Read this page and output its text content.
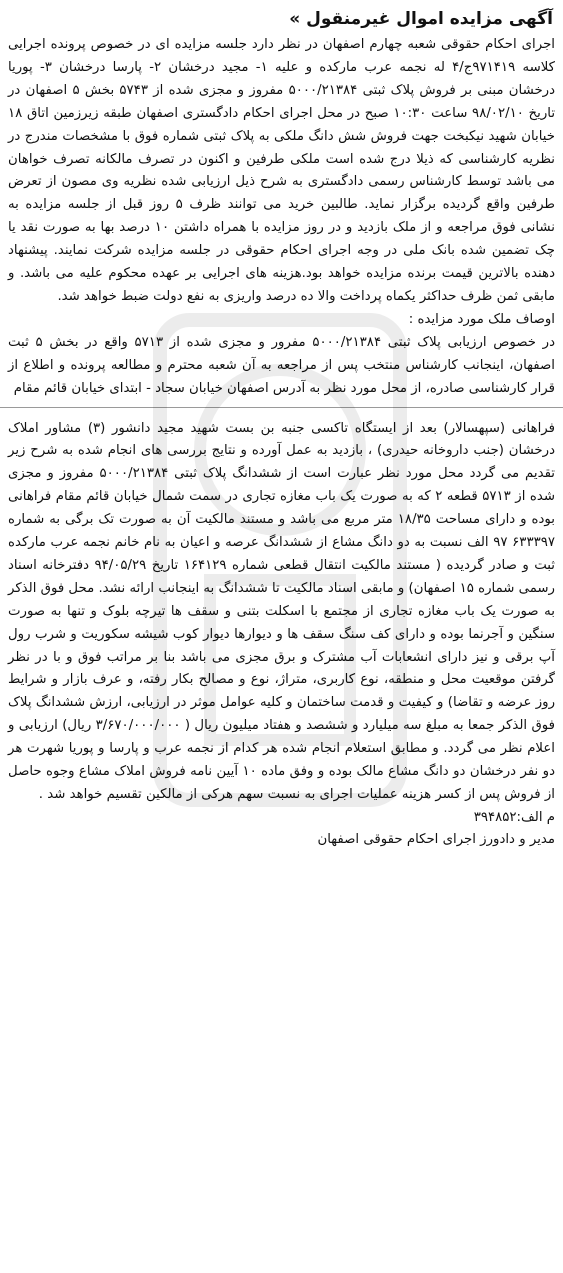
آگهی مزایده اموال غیرمنقول »

اجرای احکام حقوقی شعبه چهارم اصفهان در نظر دارد جلسه مزایده ای در خصوص پرونده اجرایی کلاسه ۹۷۱۴۱۹ج/۴ له نجمه عرب مارکده و علیه ۱- مجید درخشان ۲- پارسا درخشان ۳- پوریا درخشان مبنی بر فروش پلاک ثبتی ۵۰۰۰/۲۱۳۸۴ مفروز و مجزی شده از ۵۷۴۳ بخش ۵ اصفهان در تاریخ ۹۸/۰۲/۱۰ ساعت ۱۰:۳۰ صبح در محل اجرای احکام دادگستری اصفهان طبقه زیرزمین اتاق ۱۸ خیابان شهید نیکبخت جهت فروش شش دانگ ملکی به پلاک ثبتی شماره فوق با مشخصات مندرج در نظریه کارشناسی که ذیلا درج شده است ملکی طرفین و اکنون در تصرف مالکانه تصرف خواهان می باشد توسط کارشناس رسمی دادگستری به شرح ذیل ارزیابی شده نظریه وی مصون از تعرض طرفین واقع گردیده برگزار نماید. طالبین خرید می توانند ظرف ۵ روز قبل از جلسه مزایده به نشانی فوق مراجعه و از ملک بازدید و در روز مزایده با همراه داشتن ۱۰ درصد بها به صورت نقد یا چک تضمین شده بانک ملی در وجه اجرای احکام حقوقی در جلسه مزایده شرکت نمایند. پیشنهاد دهنده بالاترین قیمت برنده مزایده خواهد بود.هزینه های اجرایی بر عهده محکوم علیه می باشد. و مابقی ثمن ظرف حداکثر یکماه پرداخت والا ده درصد واریزی به نفع دولت ضبط خواهد شد.

اوصاف ملک مورد مزایده :

در خصوص ارزیابی پلاک ثبتی ۵۰۰۰/۲۱۳۸۴ مفرور و مجزی شده از ۵۷۱۳ واقع در بخش ۵ ثبت اصفهان، اینجانب کارشناس منتخب پس از مراجعه به آن شعبه محترم و مطالعه پرونده و اطلاع از قرار کارشناسی صادره، از محل مورد نظر به آدرس اصفهان خیابان سجاد - ابتدای خیابان قائم مقام

فراهانی (سپهسالار) بعد از ایستگاه تاکسی جنبه بن بست شهید مجید دانشور (۳) مشاور املاک درخشان (جنب داروخانه حیدری) ، بازدید به عمل آورده و نتایج بررسی های انجام شده به شرح زیر تقدیم می گردد محل مورد نظر عبارت است از ششدانگ پلاک ثبتی ۵۰۰۰/۲۱۳۸۴ مفروز و مجزی شده از ۵۷۱۳ قطعه ۲ که به صورت یک باب مغازه تجاری در سمت شمال خیابان قائم مقام فراهانی بوده و دارای مساحت ۱۸/۳۵ متر مربع می باشد و مستند مالکیت آن به صورت تک برگی به شماره ۶۳۳۳۹۷ ۹۷ الف نسبت به دو دانگ مشاع از ششدانگ عرصه و اعیان به نام خانم نجمه عرب مارکده ثبت و صادر گردیده ( مستند مالکیت انتقال قطعی شماره ۱۶۴۱۲۹ تاریخ ۹۴/۰۵/۲۹ دفترخانه اسناد رسمی شماره ۱۵ اصفهان) و مابقی اسناد مالکیت تا ششدانگ به اینجانب ارائه نشد. محل فوق الذکر به صورت یک باب مغازه تجاری از مجتمع با اسکلت بتنی و سقف ها تیرچه بلوک و تنها به صورت سنگین و آجرنما بوده و دارای کف سنگ سقف ها و دیوارها دیوار کوب شیشه سکوریت و شرب رول آپ برقی و نیز دارای انشعابات آب مشترک و برق مجزی می باشد بنا بر مراتب فوق و با در نظر گرفتن موقعیت محل و منطقه، نوع کاربری، متراژ، نوع و مصالح بکار رفته، و عرف بازار و شرایط روز عرضه و تقاضا) و کیفیت و قدمت ساختمان و کلیه عوامل موثر در ارزیابی، ارزش ششدانگ پلاک فوق الذکر جمعا به مبلغ سه میلیارد و ششصد و هفتاد میلیون ریال ( ۳/۶۷۰/۰۰۰/۰۰۰ ریال) ارزیابی و اعلام نظر می گردد. و مطابق استعلام انجام شده هر کدام از نجمه عرب و پارسا و پوریا شهرت هر دو نفر درخشان دو دانگ مشاع مالک بوده و وفق ماده ۱۰ آیین نامه فروش املاک مشاع وجوه حاصل از فروش پس از کسر هزینه عملیات اجرای به نسبت سهم هرکی از مالکین تقسیم خواهد شد .

م الف:۳۹۴۸۵۲

مدیر و دادورز اجرای احکام حقوقی اصفهان
